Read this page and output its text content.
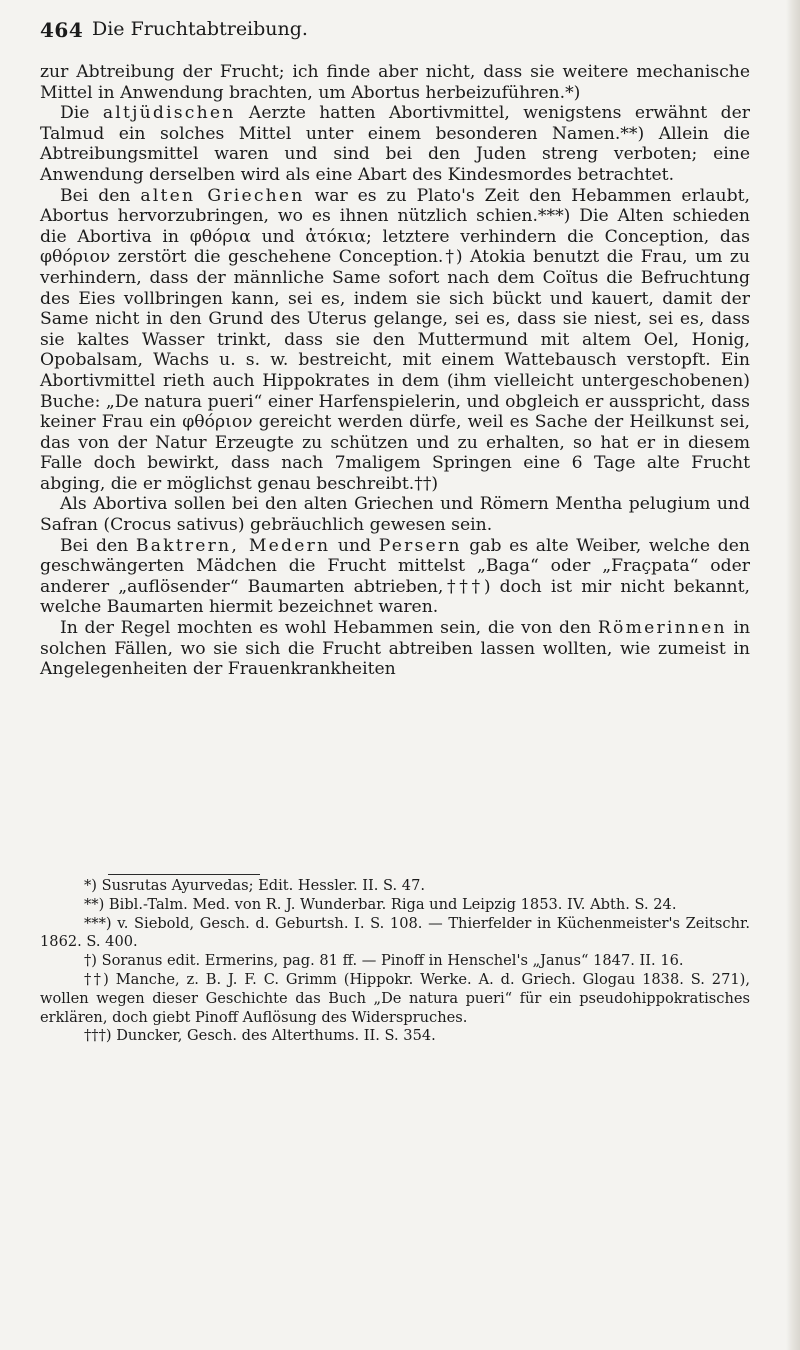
464 Die Fruchtabtreibung.

zur Abtreibung der Frucht; ich finde aber nicht, dass sie weitere mechanische Mittel in Anwendung brachten, um Abortus herbeizuführen.*)

Die altjüdischen Aerzte hatten Abortivmittel, wenigstens erwähnt der Talmud ein solches Mittel unter einem besonderen Namen.**) Allein die Abtreibungsmittel waren und sind bei den Juden streng verboten; eine Anwendung derselben wird als eine Abart des Kindesmordes betrachtet.

Bei den alten Griechen war es zu Plato's Zeit den Hebammen erlaubt, Abortus hervorzubringen, wo es ihnen nützlich schien.***) Die Alten schieden die Abortiva in φθόρια und ἀτόκια; letztere verhindern die Conception, das φθόριον zerstört die geschehene Conception.†) Atokia benutzt die Frau, um zu verhindern, dass der männliche Same sofort nach dem Coïtus die Befruchtung des Eies vollbringen kann, sei es, indem sie sich bückt und kauert, damit der Same nicht in den Grund des Uterus gelange, sei es, dass sie niest, sei es, dass sie kaltes Wasser trinkt, dass sie den Muttermund mit altem Oel, Honig, Opobalsam, Wachs u. s. w. bestreicht, mit einem Wattebausch verstopft. Ein Abortivmittel rieth auch Hippokrates in dem (ihm vielleicht untergeschobenen) Buche: „De natura pueri“ einer Harfenspielerin, und obgleich er ausspricht, dass keiner Frau ein φθόριον gereicht werden dürfe, weil es Sache der Heilkunst sei, das von der Natur Erzeugte zu schützen und zu erhalten, so hat er in diesem Falle doch bewirkt, dass nach 7maligem Springen eine 6 Tage alte Frucht abging, die er möglichst genau beschreibt.††)

Als Abortiva sollen bei den alten Griechen und Römern Mentha pelugium und Safran (Crocus sativus) gebräuchlich gewesen sein.

Bei den Baktrern, Medern und Persern gab es alte Weiber, welche den geschwängerten Mädchen die Frucht mittelst „Baga“ oder „Fraçpata“ oder anderer „auflösender“ Baumarten abtrieben,†††) doch ist mir nicht bekannt, welche Baumarten hiermit bezeichnet waren.

In der Regel mochten es wohl Hebammen sein, die von den Römerinnen in solchen Fällen, wo sie sich die Frucht abtreiben lassen wollten, wie zumeist in Angelegenheiten der Frauenkrankheiten

*) Susrutas Ayurvedas; Edit. Hessler. II. S. 47.

**) Bibl.-Talm. Med. von R. J. Wunderbar. Riga und Leipzig 1853. IV. Abth. S. 24.

***) v. Siebold, Gesch. d. Geburtsh. I. S. 108. — Thierfelder in Küchenmeister's Zeitschr. 1862. S. 400.

†) Soranus edit. Ermerins, pag. 81 ff. — Pinoff in Henschel's „Janus“ 1847. II. 16.

††) Manche, z. B. J. F. C. Grimm (Hippokr. Werke. A. d. Griech. Glogau 1838. S. 271), wollen wegen dieser Geschichte das Buch „De natura pueri“ für ein pseudohippokratisches erklären, doch giebt Pinoff Auflösung des Widerspruches.

†††) Duncker, Gesch. des Alterthums. II. S. 354.
